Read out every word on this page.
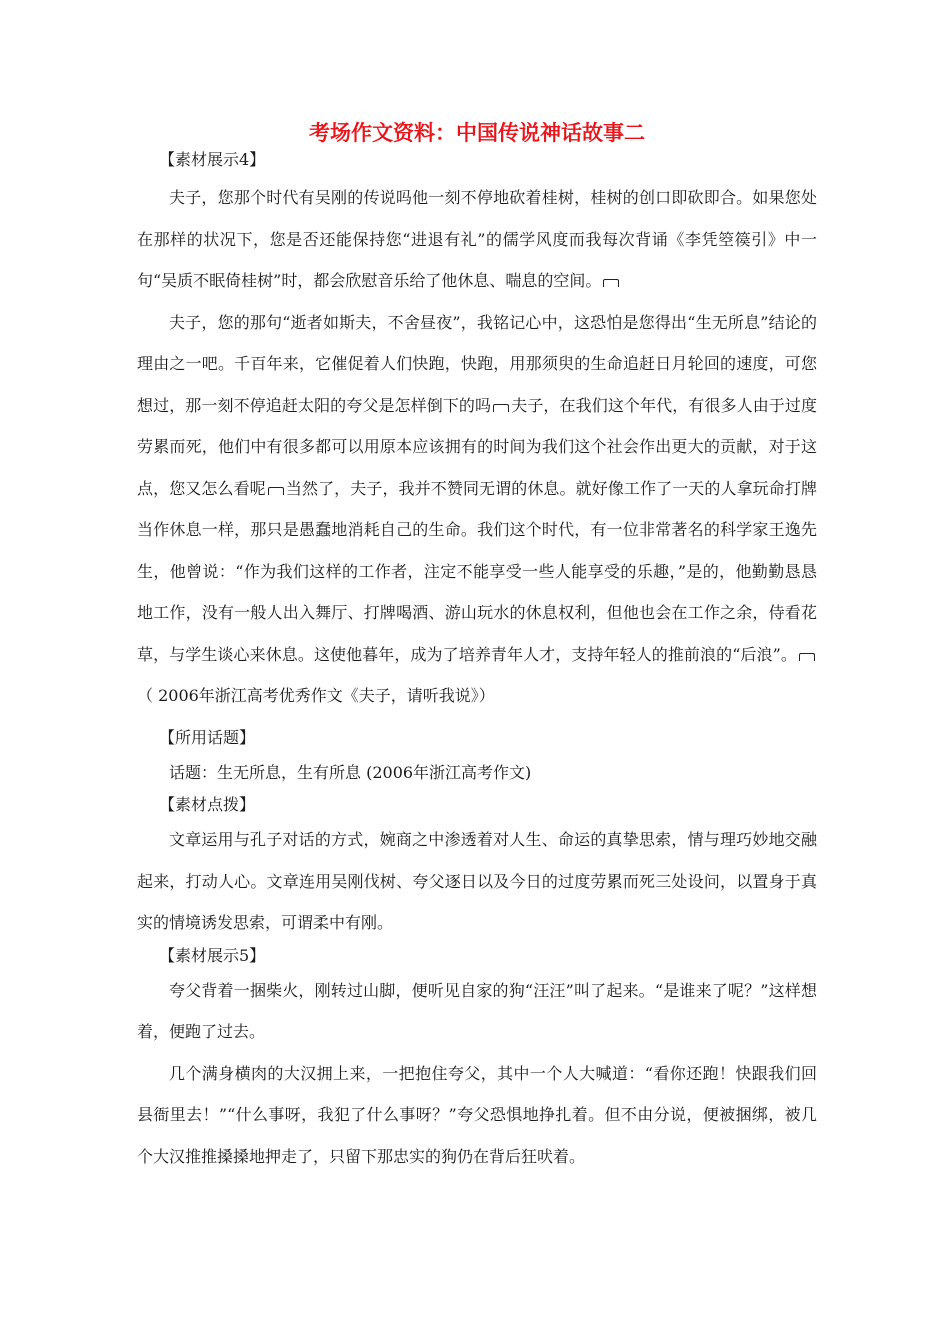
考场作文资料：中国传说神话故事二

【素材展示4】

夫子，您那个时代有吴刚的传说吗他一刻不停地砍着桂树，桂树的创口即砍即合。如果您处在那样的状况下，您是否还能保持您“进退有礼”的儒学风度而我每次背诵《李凭箜篌引》中一句“吴质不眠倚桂树”时，都会欣慰音乐给了他休息、喘息的空间。

夫子，您的那句“逝者如斯夫，不舍昼夜”，我铭记心中，这恐怕是您得出“生无所息”结论的理由之一吧。千百年来，它催促着人们快跑，快跑，用那须臾的生命追赶日月轮回的速度，可您想过，那一刻不停追赶太阳的夸父是怎样倒下的吗 夫子，在我们这个年代，有很多人由于过度劳累而死，他们中有很多都可以用原本应该拥有的时间为我们这个社会作出更大的贡献，对于这点，您又怎么看呢 当然了，夫子，我并不赞同无谓的休息。就好像工作了一天的人拿玩命打牌当作休息一样，那只是愚蠢地消耗自己的生命。我们这个时代，有一位非常著名的科学家王逸先生，他曾说：“作为我们这样的工作者，注定不能享受一些人能享受的乐趣，”是的，他勤勤恳恳地工作，没有一般人出入舞厅、打牌喝酒、游山玩水的休息权利，但他也会在工作之余，侍看花草，与学生谈心来休息。这使他暮年，成为了培养青年人才，支持年轻人的推前浪的“后浪”。（ 2006年浙江高考优秀作文《夫子，请听我说》）

【所用话题】

话题：生无所息，生有所息 (2006年浙江高考作文)

【素材点拨】

文章运用与孔子对话的方式，婉商之中渗透着对人生、命运的真挚思索，情与理巧妙地交融起来，打动人心。文章连用吴刚伐树、夸父逐日以及今日的过度劳累而死三处设问，以置身于真实的情境诱发思索，可谓柔中有刚。

【素材展示5】

夸父背着一捆柴火，刚转过山脚，便听见自家的狗“汪汪”叫了起来。“是谁来了呢？”这样想着，便跑了过去。

几个满身横肉的大汉拥上来，一把抱住夸父，其中一个人大喊道：“看你还跑！快跟我们回县衙里去！”“什么事呀，我犯了什么事呀？”夸父恐惧地挣扎着。但不由分说，便被捆绑，被几个大汉推推搡搡地押走了，只留下那忠实的狗仍在背后狂吠着。
